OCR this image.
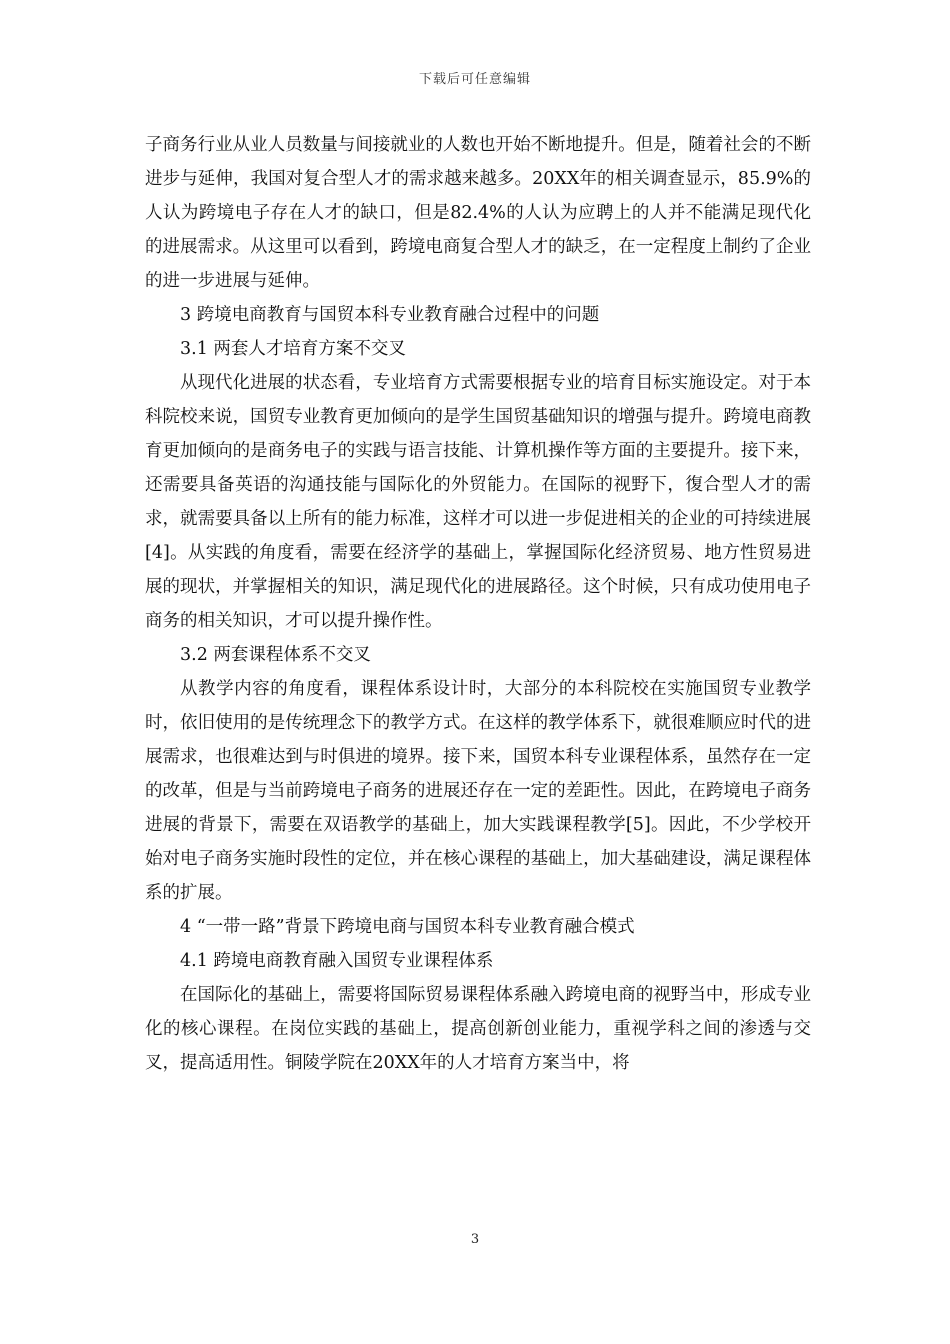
下载后可任意编辑

子商务行业从业人员数量与间接就业的人数也开始不断地提升。但是，随着社会的不断进步与延伸，我国对复合型人才的需求越来越多。20XX年的相关调查显示，85.9%的人认为跨境电子存在人才的缺口，但是82.4%的人认为应聘上的人并不能满足现代化的进展需求。从这里可以看到，跨境电商复合型人才的缺乏，在一定程度上制约了企业的进一步进展与延伸。

3 跨境电商教育与国贸本科专业教育融合过程中的问题

3.1 两套人才培育方案不交叉

从现代化进展的状态看，专业培育方式需要根据专业的培育目标实施设定。对于本科院校来说，国贸专业教育更加倾向的是学生国贸基础知识的增强与提升。跨境电商教育更加倾向的是商务电子的实践与语言技能、计算机操作等方面的主要提升。接下来，还需要具备英语的沟通技能与国际化的外贸能力。在国际的视野下，復合型人才的需求，就需要具备以上所有的能力标准，这样才可以进一步促进相关的企业的可持续进展[4]。从实践的角度看，需要在经济学的基础上，掌握国际化经济贸易、地方性贸易进展的现状，并掌握相关的知识，满足现代化的进展路径。这个时候，只有成功使用电子商务的相关知识，才可以提升操作性。

3.2 两套课程体系不交叉

从教学内容的角度看，课程体系设计时，大部分的本科院校在实施国贸专业教学时，依旧使用的是传统理念下的教学方式。在这样的教学体系下，就很难顺应时代的进展需求，也很难达到与时俱进的境界。接下来，国贸本科专业课程体系，虽然存在一定的改革，但是与当前跨境电子商务的进展还存在一定的差距性。因此，在跨境电子商务进展的背景下，需要在双语教学的基础上，加大实践课程教学[5]。因此，不少学校开始对电子商务实施时段性的定位，并在核心课程的基础上，加大基础建设，满足课程体系的扩展。

4 “一带一路”背景下跨境电商与国贸本科专业教育融合模式

4.1 跨境电商教育融入国贸专业课程体系

在国际化的基础上，需要将国际贸易课程体系融入跨境电商的视野当中，形成专业化的核心课程。在岗位实践的基础上，提高创新创业能力，重视学科之间的渗透与交叉，提高适用性。铜陵学院在20XX年的人才培育方案当中，将

3
